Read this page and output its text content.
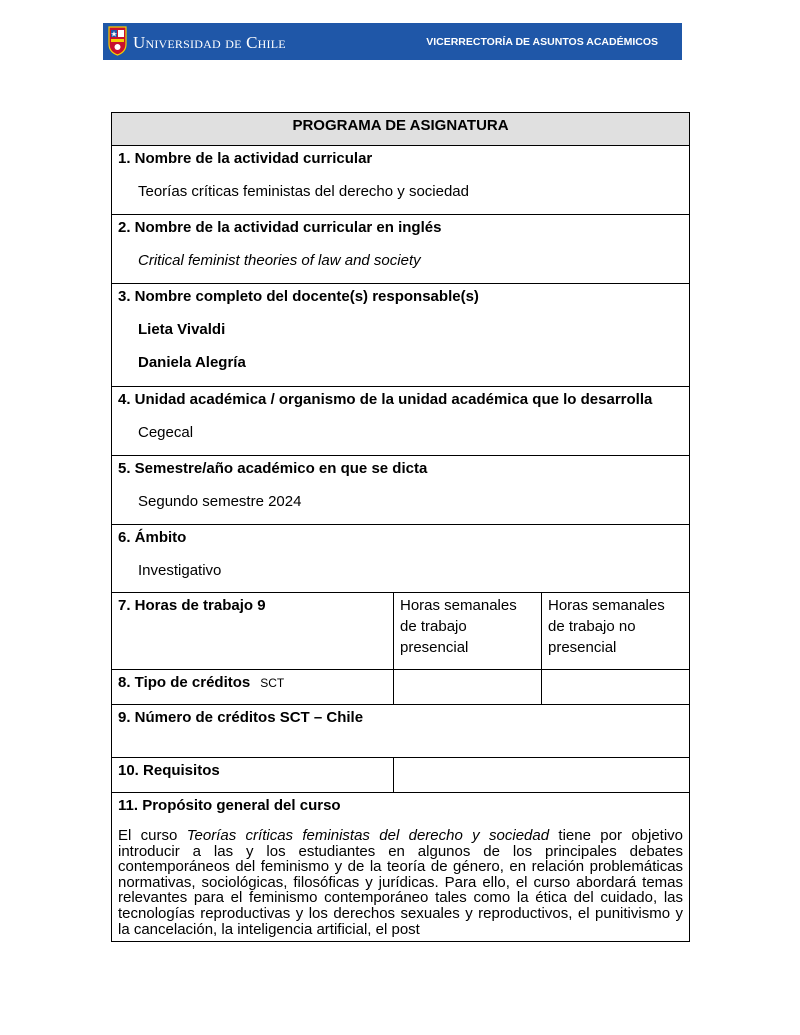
Universidad de Chile	VICERRECTORÍA DE ASUNTOS ACADÉMICOS
PROGRAMA DE ASIGNATURA		

1. Nombre de la actividad curricular
Teorías críticas feministas del derecho y sociedad		

2. Nombre de la actividad curricular en inglés
Critical feminist theories of law and society		

3. Nombre completo del docente(s) responsable(s)
Lieta Vivaldi
Daniela Alegría		

4. Unidad académica / organismo de la unidad académica que lo desarrolla
Cegecal		

5. Semestre/año académico en que se dicta
Segundo semestre 2024		

6. Ámbito
Investigativo		

7. Horas de trabajo 9	Horas semanales de trabajo presencial	Horas semanales de trabajo no presencial

8. Tipo de créditos SCT		

9. Número de créditos SCT – Chile		

10. Requisitos		

11. Propósito general del curso
El curso Teorías críticas feministas del derecho y sociedad tiene por objetivo introducir a las y los estudiantes en algunos de los principales debates contemporáneos del feminismo y de la teoría de género, en relación problemáticas normativas, sociológicas, filosóficas y jurídicas. Para ello, el curso abordará temas relevantes para el feminismo contemporáneo tales como la ética del cuidado, las tecnologías reproductivas y los derechos sexuales y reproductivos, el punitivismo y la cancelación, la inteligencia artificial, el post		
